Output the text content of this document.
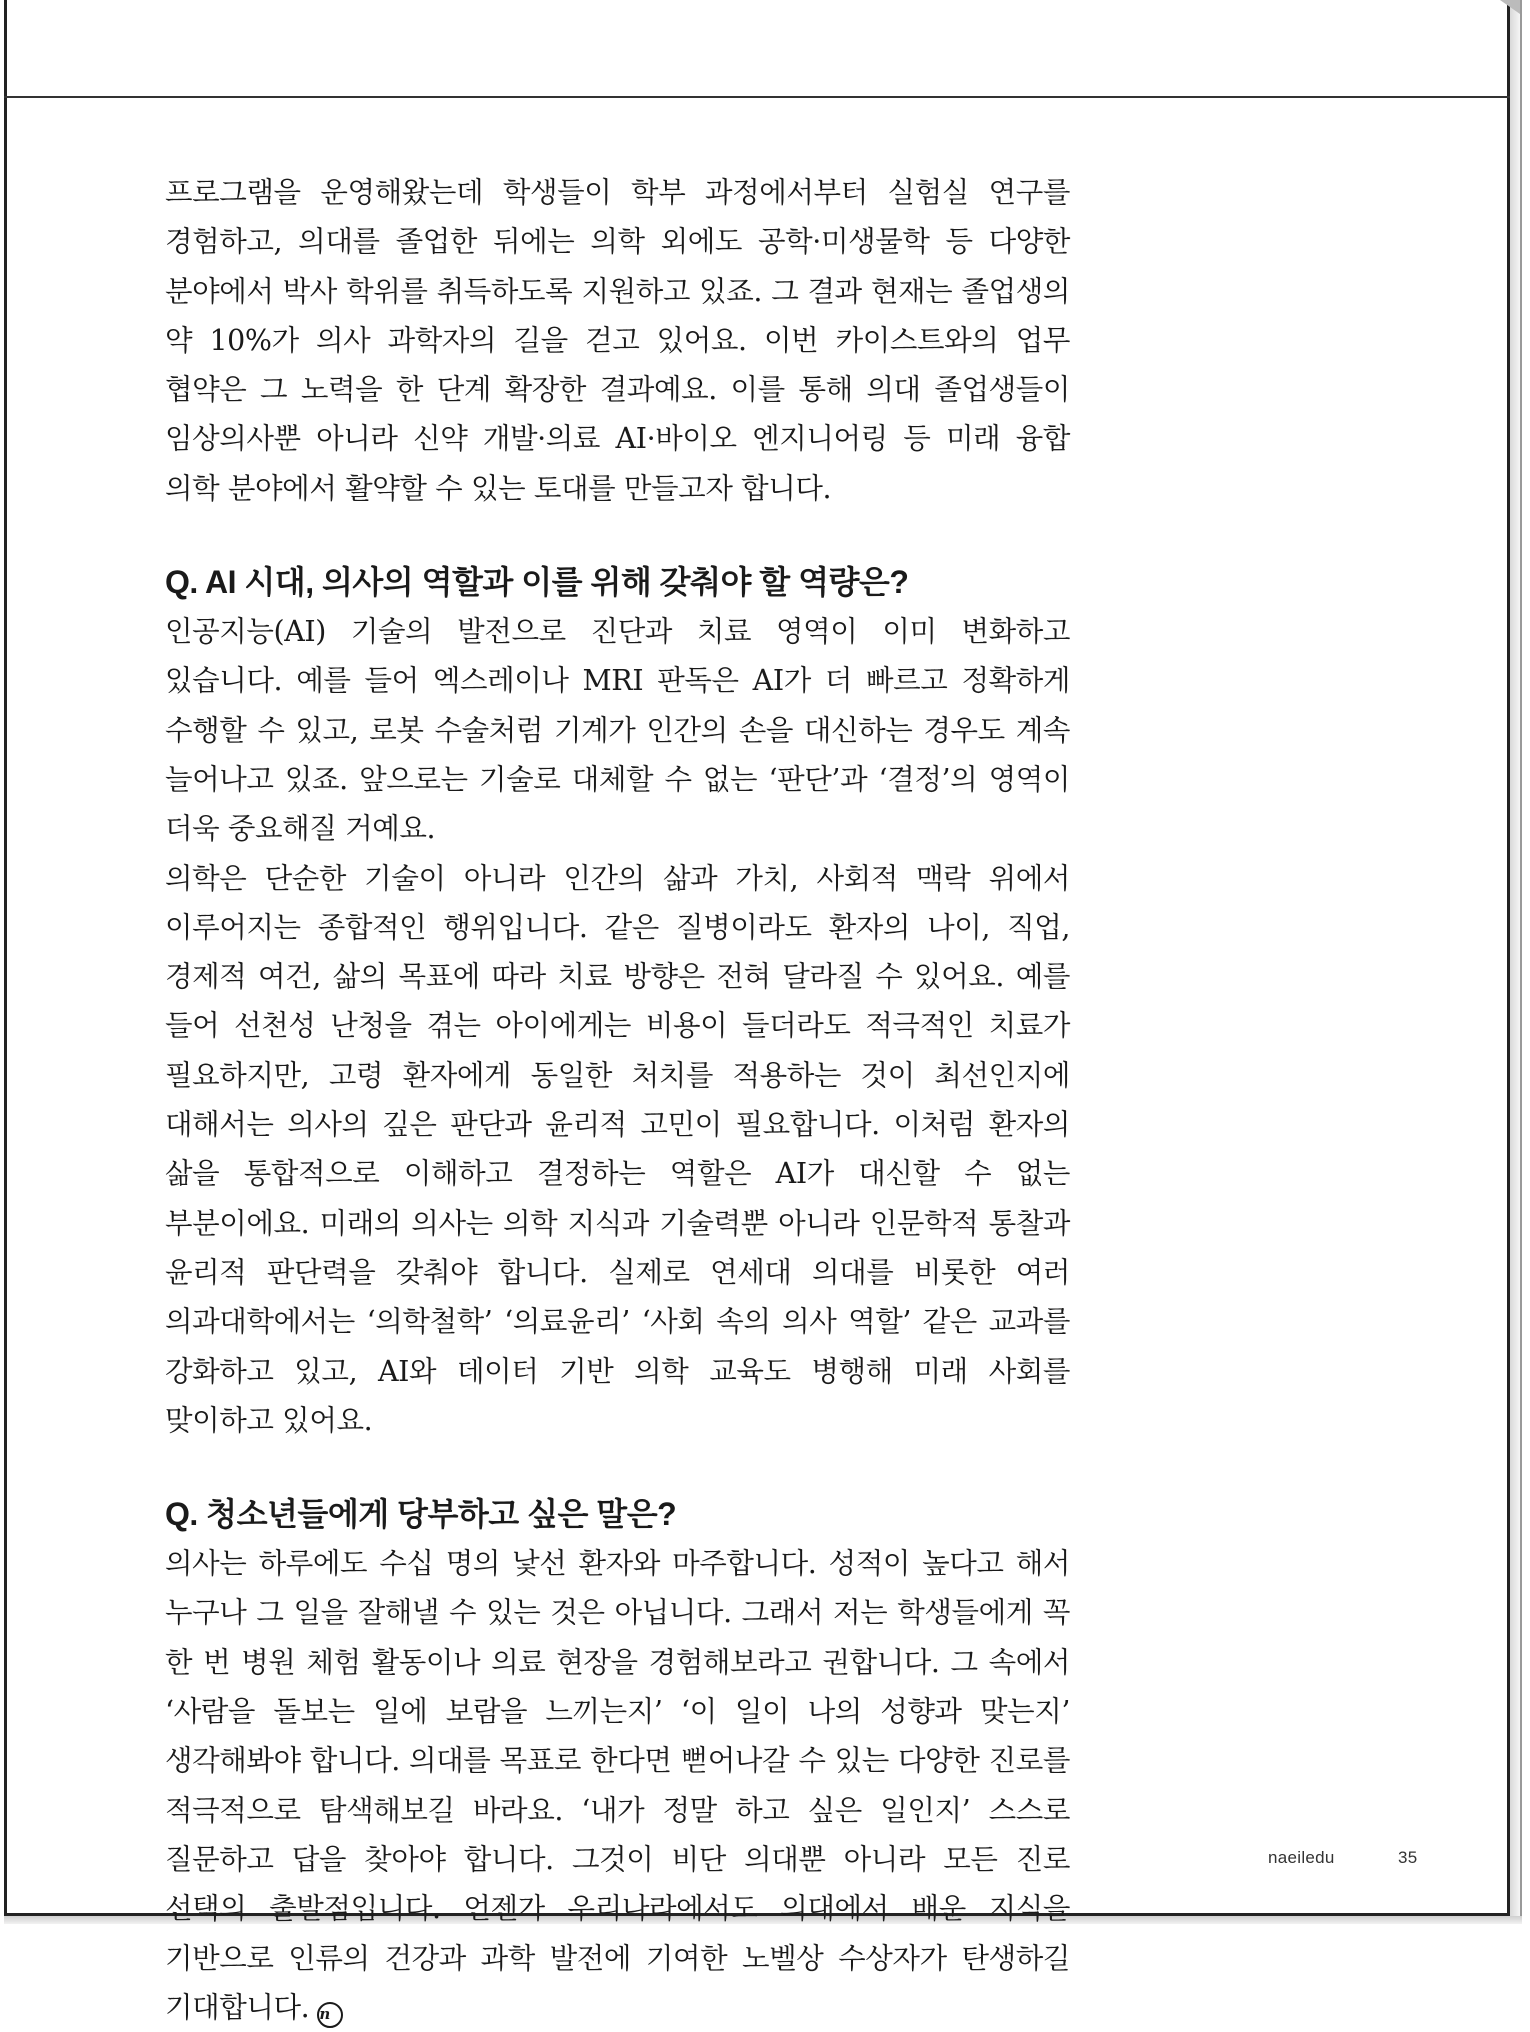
프로그램을 운영해왔는데 학생들이 학부 과정에서부터 실험실 연구를 경험하고, 의대를 졸업한 뒤에는 의학 외에도 공학·미생물학 등 다양한 분야에서 박사 학위를 취득하도록 지원하고 있죠. 그 결과 현재는 졸업생의 약 10%가 의사 과학자의 길을 걷고 있어요. 이번 카이스트와의 업무 협약은 그 노력을 한 단계 확장한 결과예요. 이를 통해 의대 졸업생들이 임상의사뿐 아니라 신약 개발·의료 AI·바이오 엔지니어링 등 미래 융합 의학 분야에서 활약할 수 있는 토대를 만들고자 합니다.

Q. AI 시대, 의사의 역할과 이를 위해 갖춰야 할 역량은?

인공지능(AI) 기술의 발전으로 진단과 치료 영역이 이미 변화하고 있습니다. 예를 들어 엑스레이나 MRI 판독은 AI가 더 빠르고 정확하게 수행할 수 있고, 로봇 수술처럼 기계가 인간의 손을 대신하는 경우도 계속 늘어나고 있죠. 앞으로는 기술로 대체할 수 없는 ‘판단’과 ‘결정’의 영역이 더욱 중요해질 거예요.

의학은 단순한 기술이 아니라 인간의 삶과 가치, 사회적 맥락 위에서 이루어지는 종합적인 행위입니다. 같은 질병이라도 환자의 나이, 직업, 경제적 여건, 삶의 목표에 따라 치료 방향은 전혀 달라질 수 있어요. 예를 들어 선천성 난청을 겪는 아이에게는 비용이 들더라도 적극적인 치료가 필요하지만, 고령 환자에게 동일한 처치를 적용하는 것이 최선인지에 대해서는 의사의 깊은 판단과 윤리적 고민이 필요합니다. 이처럼 환자의 삶을 통합적으로 이해하고 결정하는 역할은 AI가 대신할 수 없는 부분이에요. 미래의 의사는 의학 지식과 기술력뿐 아니라 인문학적 통찰과 윤리적 판단력을 갖춰야 합니다. 실제로 연세대 의대를 비롯한 여러 의과대학에서는 ‘의학철학’ ‘의료윤리’ ‘사회 속의 의사 역할’ 같은 교과를 강화하고 있고, AI와 데이터 기반 의학 교육도 병행해 미래 사회를 맞이하고 있어요.

Q. 청소년들에게 당부하고 싶은 말은?

의사는 하루에도 수십 명의 낯선 환자와 마주합니다. 성적이 높다고 해서 누구나 그 일을 잘해낼 수 있는 것은 아닙니다. 그래서 저는 학생들에게 꼭 한 번 병원 체험 활동이나 의료 현장을 경험해보라고 권합니다. 그 속에서 ‘사람을 돌보는 일에 보람을 느끼는지’ ‘이 일이 나의 성향과 맞는지’ 생각해봐야 합니다. 의대를 목표로 한다면 뻗어나갈 수 있는 다양한 진로를 적극적으로 탐색해보길 바라요. ‘내가 정말 하고 싶은 일인지’ 스스로 질문하고 답을 찾아야 합니다. 그것이 비단 의대뿐 아니라 모든 진로 선택의 출발점입니다. 언젠가 우리나라에서도 의대에서 배운 지식을 기반으로 인류의 건강과 과학 발전에 기여한 노벨상 수상자가 탄생하길 기대합니다. n

naeiledu	35
